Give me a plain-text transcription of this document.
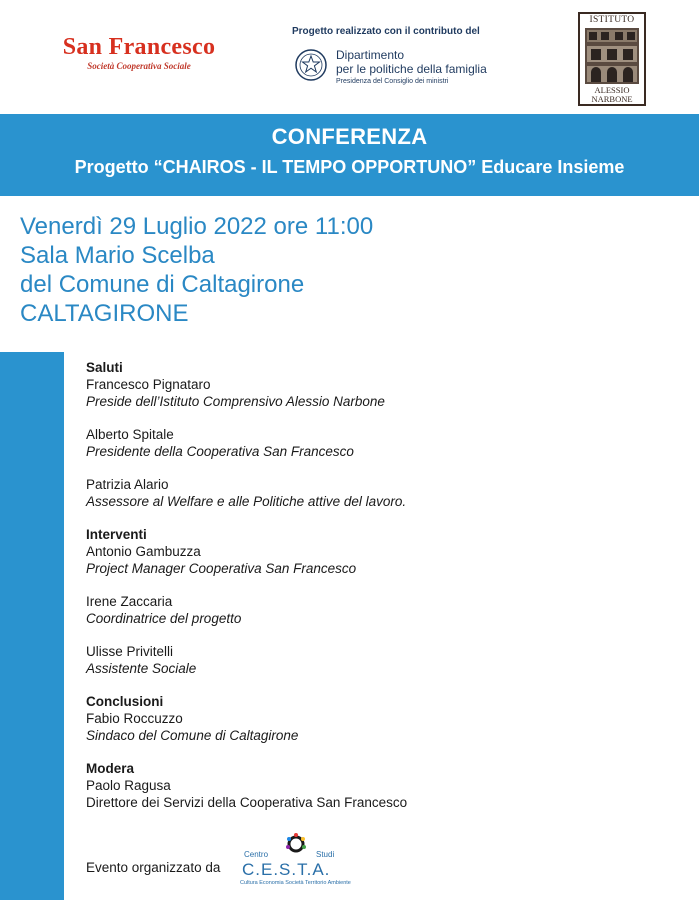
San Francesco
Società Cooperativa Sociale
Progetto realizzato con il contributo del
Dipartimento
per le politiche della famiglia
Presidenza del Consiglio dei ministri
ISTITUTO
ALESSIO
NARBONE
CONFERENZA
Progetto “CHAIROS - IL TEMPO OPPORTUNO” Educare Insieme
Venerdì 29 Luglio 2022 ore 11:00
Sala Mario Scelba
del Comune di Caltagirone
CALTAGIRONE
Saluti
Francesco Pignataro
Preside dell’Istituto Comprensivo Alessio Narbone
Alberto Spitale
Presidente della Cooperativa San Francesco
Patrizia Alario
Assessore al Welfare e alle Politiche attive del lavoro.
Interventi
Antonio Gambuzza
Project Manager Cooperativa San Francesco
Irene Zaccaria
Coordinatrice del progetto
Ulisse Privitelli
Assistente Sociale
Conclusioni
Fabio Roccuzzo
Sindaco del Comune di Caltagirone
Modera
Paolo Ragusa
Direttore dei Servizi della Cooperativa San Francesco
Evento organizzato da
Centro	Studi
C.E.S.T.A.
Cultura Economia Società Territorio Ambiente
